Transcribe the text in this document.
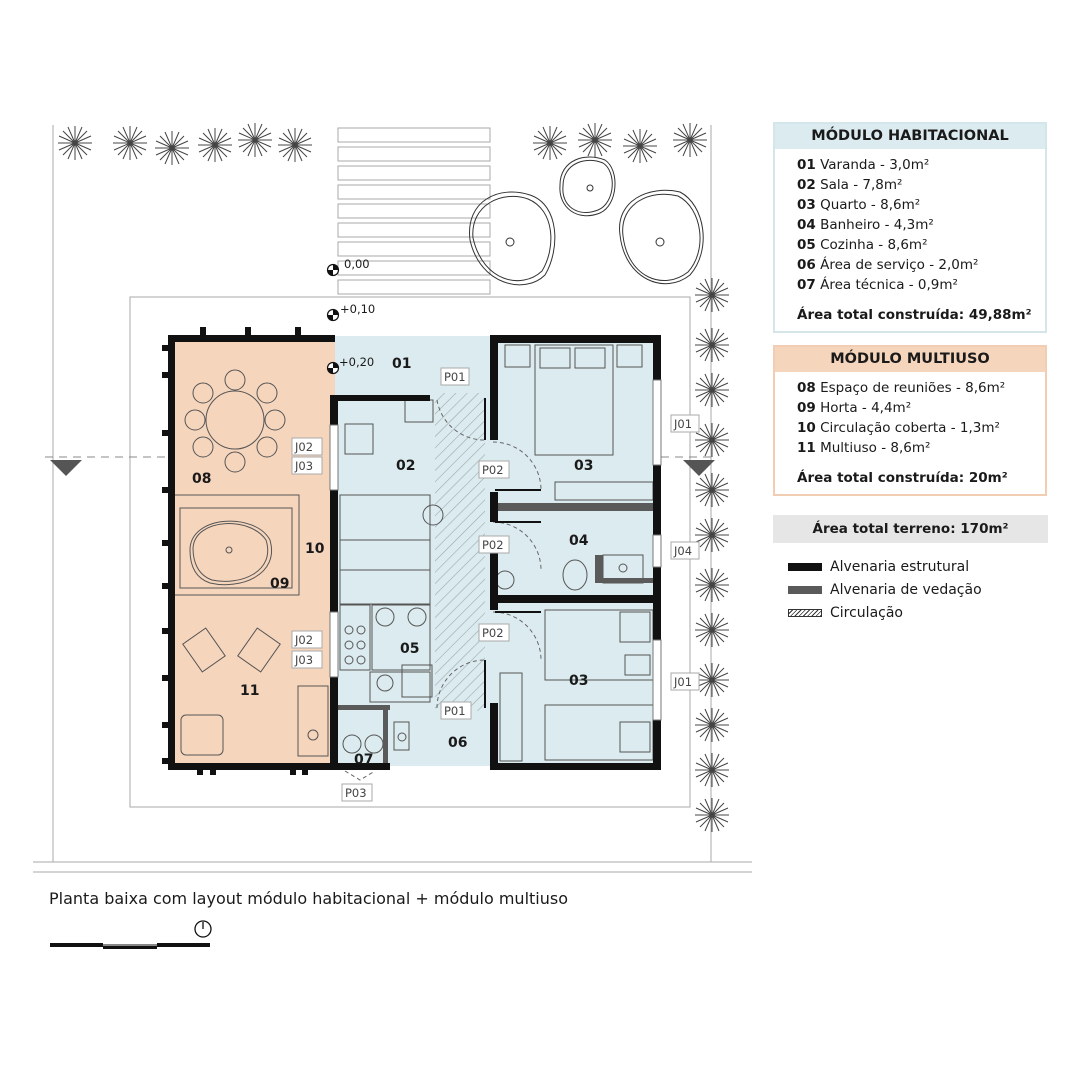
0,00
+0,10
+0,20 01
02	03
04
05
03
06
07
08
09
10
11
P01
P02
P02
P02
P01
P03
J01
J04
J01
J02
J03
J02
J03
MÓDULO HABITACIONAL
01 Varanda - 3,0m²
02 Sala - 7,8m²
03 Quarto - 8,6m²
04 Banheiro - 4,3m²
05 Cozinha - 8,6m²
06 Área de serviço - 2,0m²
07 Área técnica - 0,9m²
Área total construída: 49,88m²
MÓDULO MULTIUSO
08 Espaço de reuniões - 8,6m²
09 Horta - 4,4m²
10 Circulação coberta - 1,3m²
11 Multiuso - 8,6m²
Área total construída: 20m²
Área total terreno: 170m²
Alvenaria estrutural
Alvenaria de vedação
Circulação
Planta baixa com layout módulo habitacional + módulo multiuso
